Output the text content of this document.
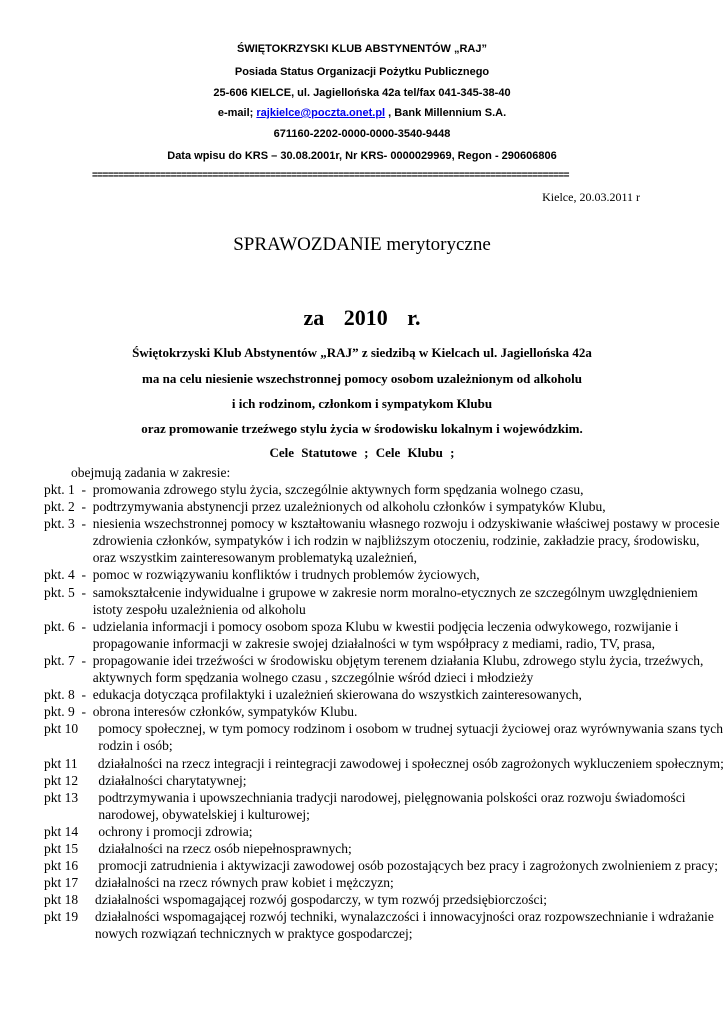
ŚWIĘTOKRZYSKI KLUB ABSTYNENTÓW „RAJ”
Posiada Status Organizacji Pożytku Publicznego
25-606 KIELCE, ul. Jagiellońska 42a tel/fax 041-345-38-40
e-mail; rajkielce@poczta.onet.pl , Bank Millennium S.A.
671160-2202-0000-0000-3540-9448
Data wpisu do KRS – 30.08.2001r, Nr KRS- 0000029969, Regon - 290606806
===========================================================================================
Kielce, 20.03.2011 r
SPRAWOZDANIE merytoryczne
za 2010 r.
Świętokrzyski Klub Abstynentów „RAJ” z siedzibą w Kielcach ul. Jagiellońska 42a
ma na celu niesienie wszechstronnej pomocy osobom uzależnionym od alkoholu
i ich rodzinom, członkom i sympatykom Klubu
oraz promowanie trzeźwego stylu życia w środowisku lokalnym i wojewódzkim.
Cele Statutowe ; Cele Klubu ;
obejmują zadania w zakresie:
pkt. 1  - promowania zdrowego stylu życia, szczególnie aktywnych form spędzania wolnego czasu,
pkt. 2  - podtrzymywania abstynencji przez uzależnionych od alkoholu członków i sympatyków Klubu,
pkt. 3  - niesienia wszechstronnej pomocy w kształtowaniu własnego rozwoju i odzyskiwanie właściwej postawy w procesie zdrowienia członków, sympatyków i ich rodzin w najbliższym otoczeniu, rodzinie, zakładzie pracy, środowisku, oraz wszystkim zainteresowanym problematyką uzależnień,
pkt. 4  - pomoc w rozwiązywaniu konfliktów i trudnych problemów życiowych,
pkt. 5  - samokształcenie indywidualne i grupowe w zakresie norm moralno-etycznych ze szczególnym uwzględnieniem istoty zespołu uzależnienia od alkoholu
pkt. 6  - udzielania informacji i pomocy osobom spoza Klubu w kwestii podjęcia leczenia odwykowego, rozwijanie i propagowanie informacji w zakresie swojej działalności w tym współpracy z mediami, radio, TV, prasa,
pkt. 7  - propagowanie idei trzeźwości w środowisku objętym terenem działania Klubu, zdrowego stylu życia, trzeźwych, aktywnych form spędzania wolnego czasu , szczególnie wśród dzieci i młodzieży
pkt. 8  - edukacja dotycząca profilaktyki i uzależnień skierowana do wszystkich zainteresowanych,
pkt. 9  - obrona interesów członków, sympatyków Klubu.
pkt 10 pomocy społecznej, w tym pomocy rodzinom i osobom w trudnej sytuacji życiowej oraz wyrównywania szans tych rodzin i osób;
pkt 11 działalności na rzecz integracji i reintegracji zawodowej i społecznej osób zagrożonych wykluczeniem społecznym;
pkt 12 działalności charytatywnej;
pkt 13 podtrzymywania i upowszechniania tradycji narodowej, pielęgnowania polskości oraz rozwoju świadomości narodowej, obywatelskiej i kulturowej;
pkt 14 ochrony i promocji zdrowia;
pkt 15 działalności na rzecz osób niepełnosprawnych;
pkt 16 promocji zatrudnienia i aktywizacji zawodowej osób pozostających bez pracy i zagrożonych zwolnieniem z pracy;
pkt 17 działalności na rzecz równych praw kobiet i mężczyzn;
pkt 18 działalności wspomagającej rozwój gospodarczy, w tym rozwój przedsiębiorczości;
pkt 19 działalności wspomagającej rozwój techniki, wynalazczości i innowacyjności oraz rozpowszechnianie i wdrażanie nowych rozwiązań technicznych w praktyce gospodarczej;
